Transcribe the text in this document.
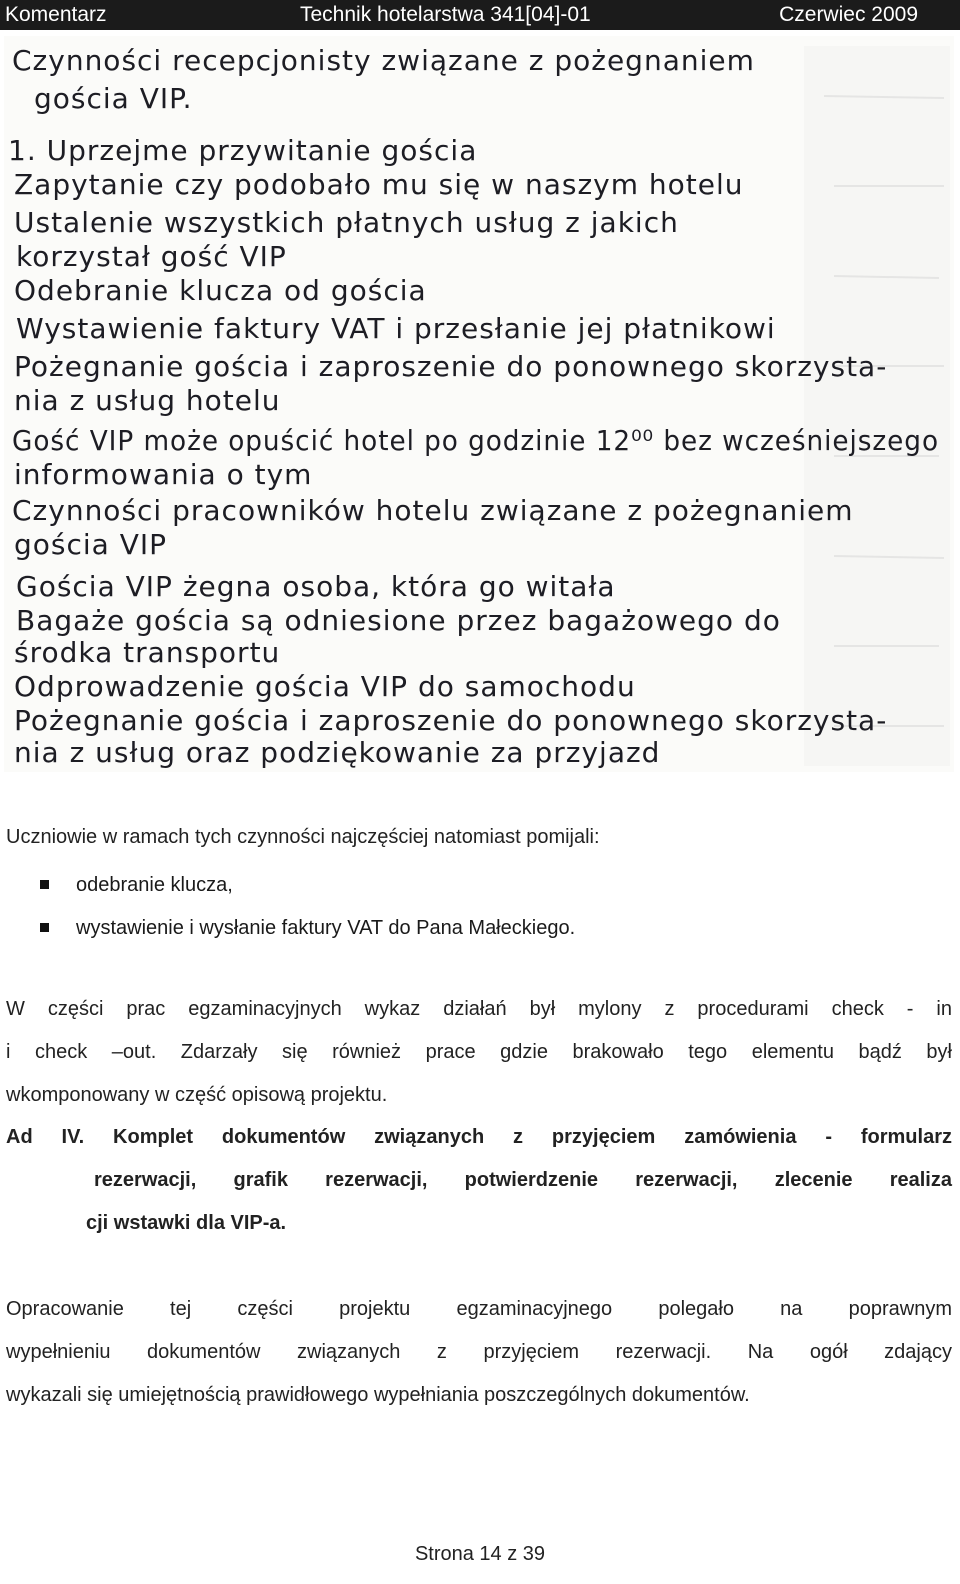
Komentarz	Technik hotelarstwa 341[04]-01	Czerwiec 2009
Czynności recepcjonisty związane z pożegnaniem
gościa VIP.
1. Uprzejme przywitanie gościa
Zapytanie czy podobało mu się w naszym hotelu
Ustalenie wszystkich płatnych usług z jakich
korzystał gość VIP
Odebranie klucza od gościa
Wystawienie faktury VAT i przesłanie jej płatnikowi
Pożegnanie gościa i zaproszenie do ponownego skorzysta-
nia z usług hotelu
Gość VIP może opuścić hotel po godzinie 12⁰⁰ bez wcześniejszego
informowania o tym
Czynności pracowników hotelu związane z pożegnaniem
gościa VIP
Gościa VIP żegna osoba, która go witała
Bagaże gościa są odniesione przez bagażowego do
środka transportu
Odprowadzenie gościa VIP do samochodu
Pożegnanie gościa i zaproszenie do ponownego skorzysta-
nia z usług oraz podziękowanie za przyjazd
Uczniowie w ramach tych czynności najczęściej natomiast pomijali:
odebranie klucza,
wystawienie i wysłanie faktury VAT do Pana Małeckiego.
W części prac egzaminacyjnych wykaz działań był mylony z procedurami check - in
i check –out. Zdarzały się również prace gdzie brakowało tego elementu bądź był
wkomponowany w część opisową projektu.
Ad IV. Komplet dokumentów związanych z przyjęciem zamówienia - formularz
rezerwacji, grafik rezerwacji, potwierdzenie rezerwacji, zlecenie realiza
cji wstawki dla VIP-a.
Opracowanie tej części projektu egzaminacyjnego polegało na poprawnym
wypełnieniu dokumentów związanych z przyjęciem rezerwacji. Na ogół zdający
wykazali się umiejętnością prawidłowego wypełniania poszczególnych dokumentów.
Strona 14 z 39
